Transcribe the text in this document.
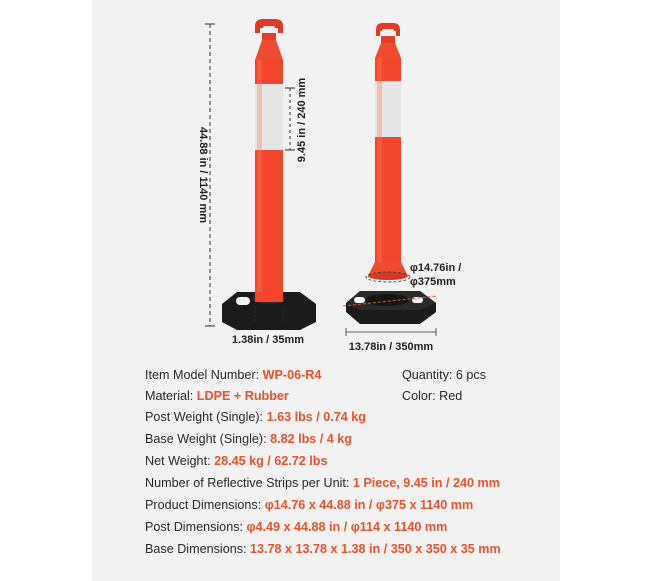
44.88 in / 1140 mm
9.45 in / 240 mm
1.38in / 35mm
φ14.76in /
φ375mm
13.78in / 350mm
Item Model Number: WP-06-R4	Quantity: 6 pcs
Material: LDPE + Rubber	Color: Red
Post Weight (Single): 1.63 lbs / 0.74 kg
Base Weight (Single): 8.82 lbs / 4 kg
Net Weight: 28.45 kg / 62.72 lbs
Number of Reflective Strips per Unit: 1 Piece, 9.45 in / 240 mm
Product Dimensions: φ14.76 x 44.88 in / φ375 x 1140 mm
Post Dimensions: φ4.49 x 44.88 in / φ114 x 1140 mm
Base Dimensions: 13.78 x 13.78 x 1.38 in / 350 x 350 x 35 mm
